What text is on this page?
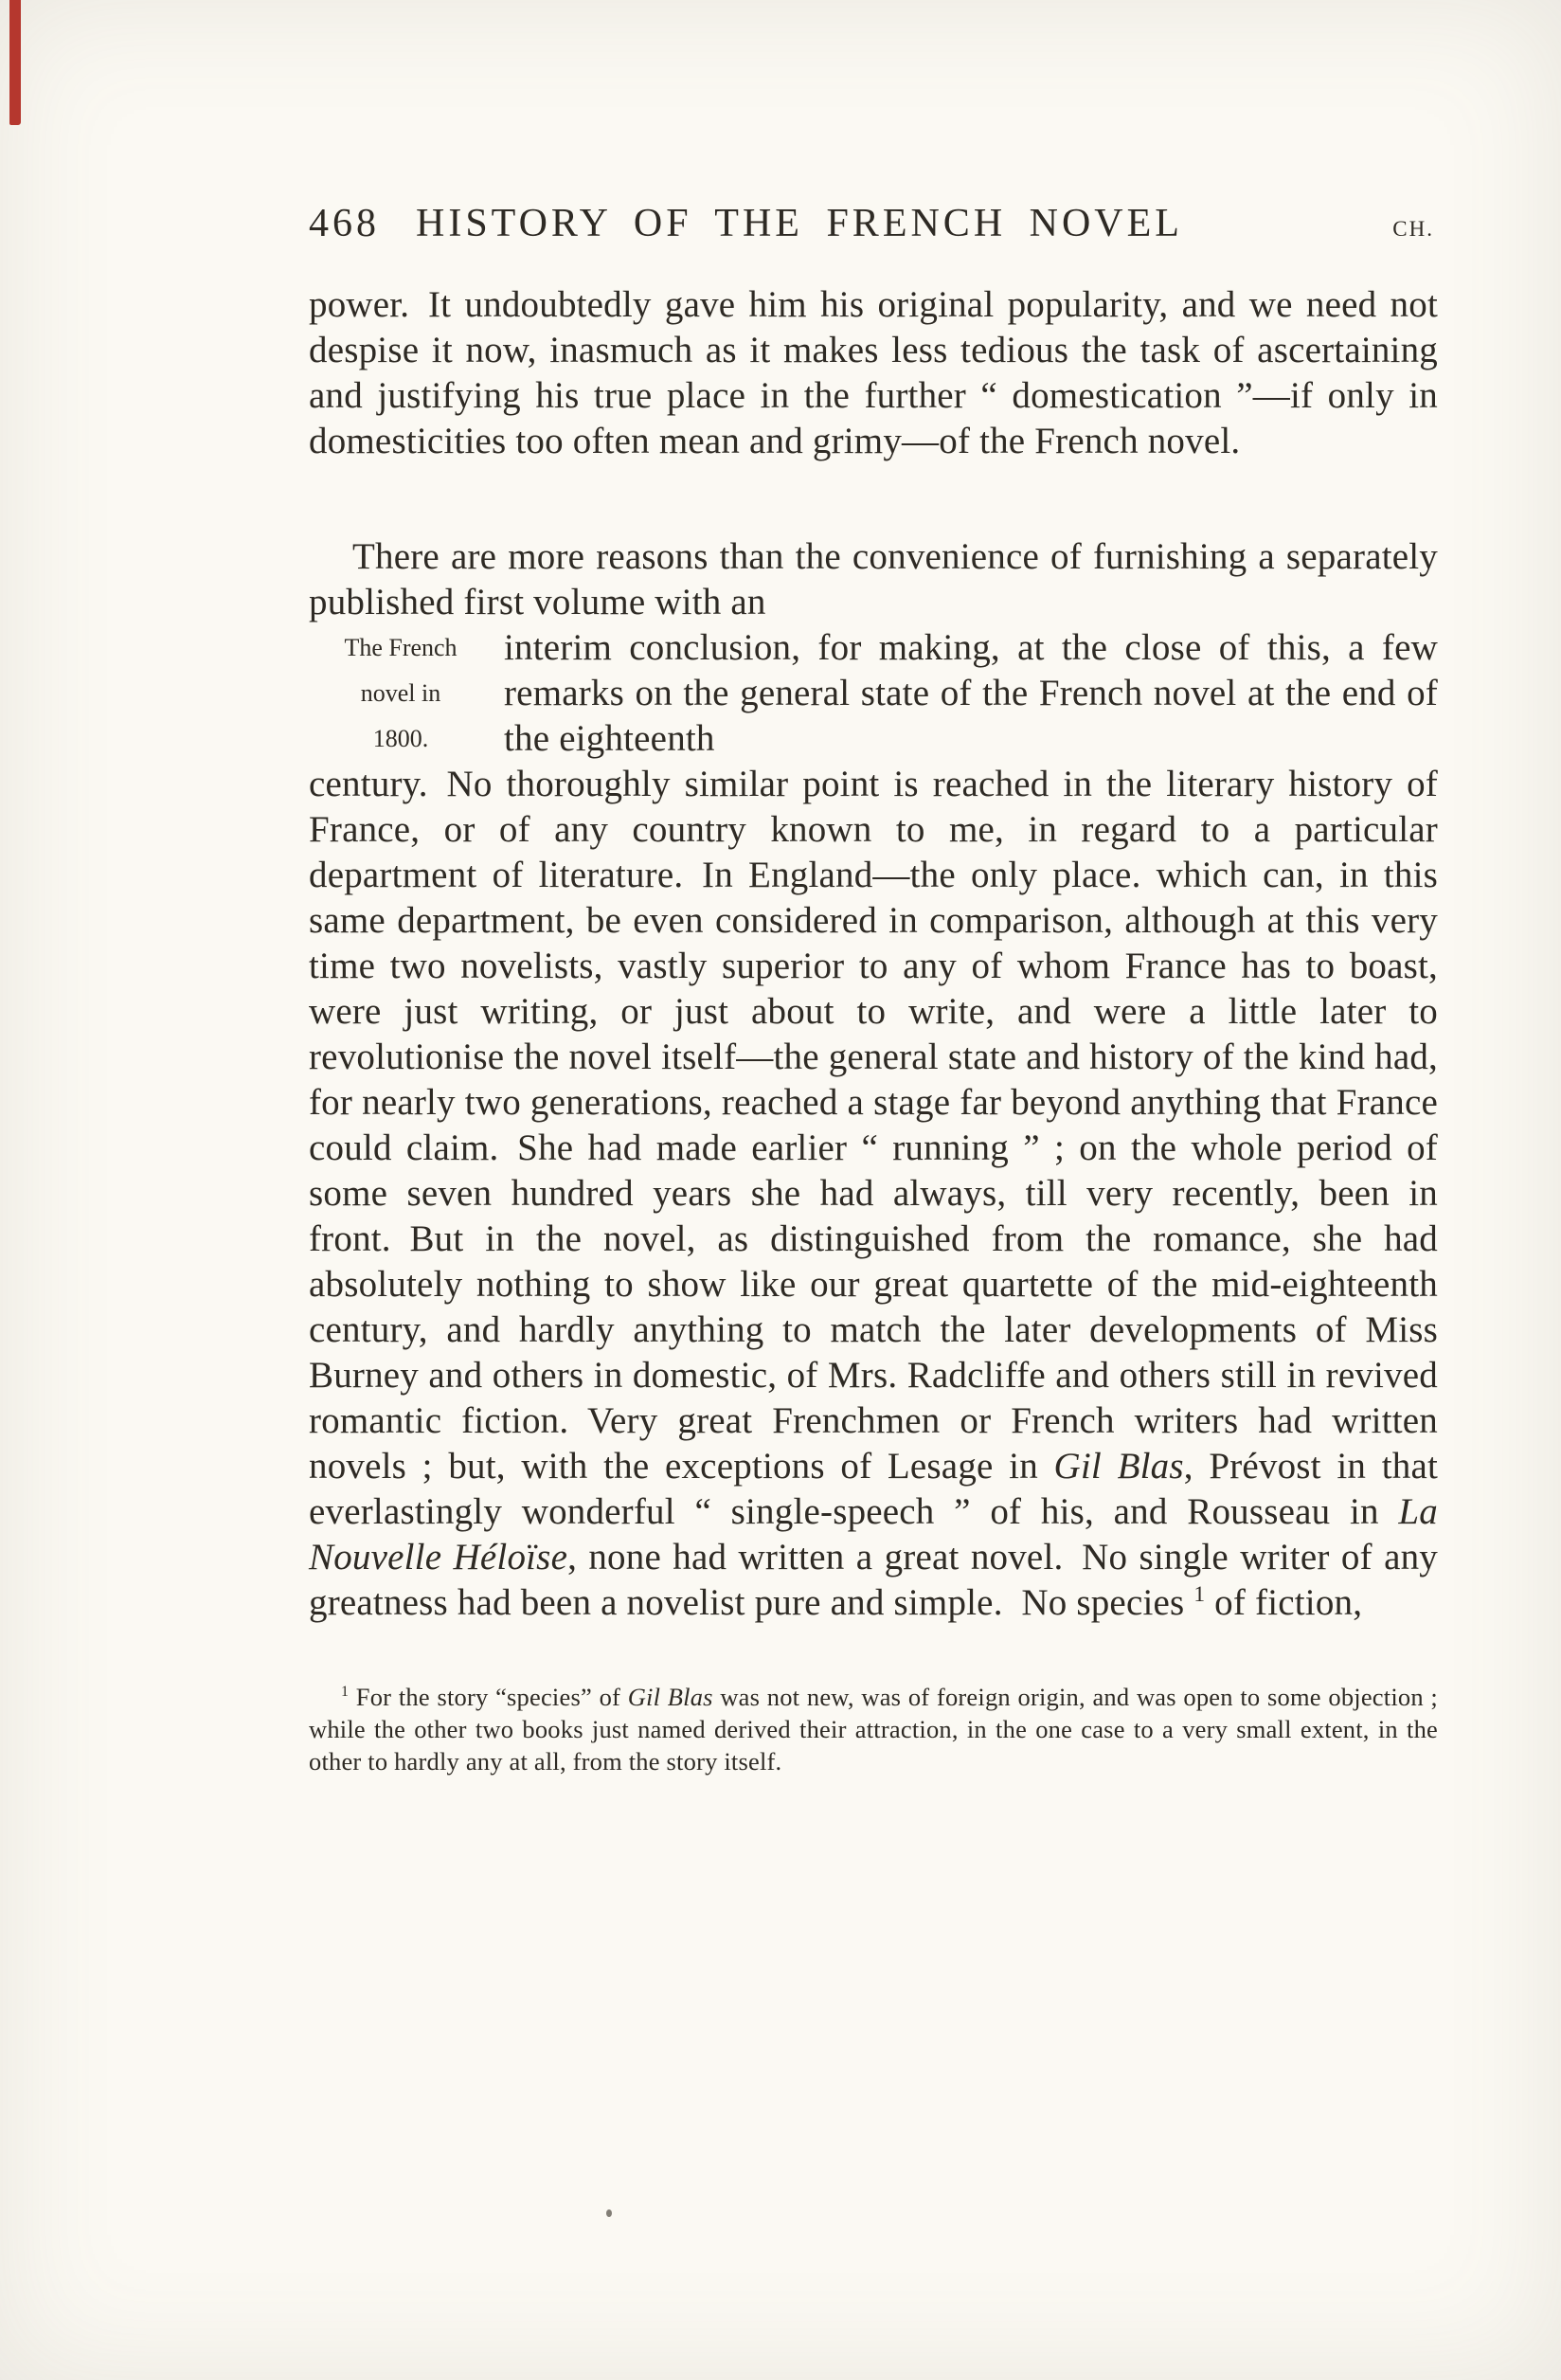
468 HISTORY OF THE FRENCH NOVEL	CH.

power. It undoubtedly gave him his original popularity, and we need not despise it now, inasmuch as it makes less tedious the task of ascertaining and justifying his true place in the further “ domestication ”—if only in domesticities too often mean and grimy—of the French novel.

There are more reasons than the convenience of furnishing a separately published first volume with an

The French
novel in
1800.

interim conclusion, for making, at the close of this, a few remarks on the general state of the French novel at the end of the eighteenth

century. No thoroughly similar point is reached in the literary history of France, or of any country known to me, in regard to a particular department of literature. In England—the only place. which can, in this same department, be even considered in comparison, although at this very time two novelists, vastly superior to any of whom France has to boast, were just writing, or just about to write, and were a little later to revolutionise the novel itself—the general state and history of the kind had, for nearly two generations, reached a stage far beyond anything that France could claim. She had made earlier “ running ” ; on the whole period of some seven hundred years she had always, till very recently, been in front. But in the novel, as distinguished from the romance, she had absolutely nothing to show like our great quartette of the mid-eighteenth century, and hardly anything to match the later developments of Miss Burney and others in domestic, of Mrs. Radcliffe and others still in revived romantic fiction. Very great Frenchmen or French writers had written novels ; but, with the exceptions of Lesage in Gil Blas, Prévost in that everlastingly wonderful “ single-speech ” of his, and Rousseau in La Nouvelle Héloïse, none had written a great novel. No single writer of any greatness had been a novelist pure and simple. No species $^1$ of fiction,

$^1$ For the story “species” of Gil Blas was not new, was of foreign origin, and was open to some objection ; while the other two books just named derived their attraction, in the one case to a very small extent, in the other to hardly any at all, from the story itself.
